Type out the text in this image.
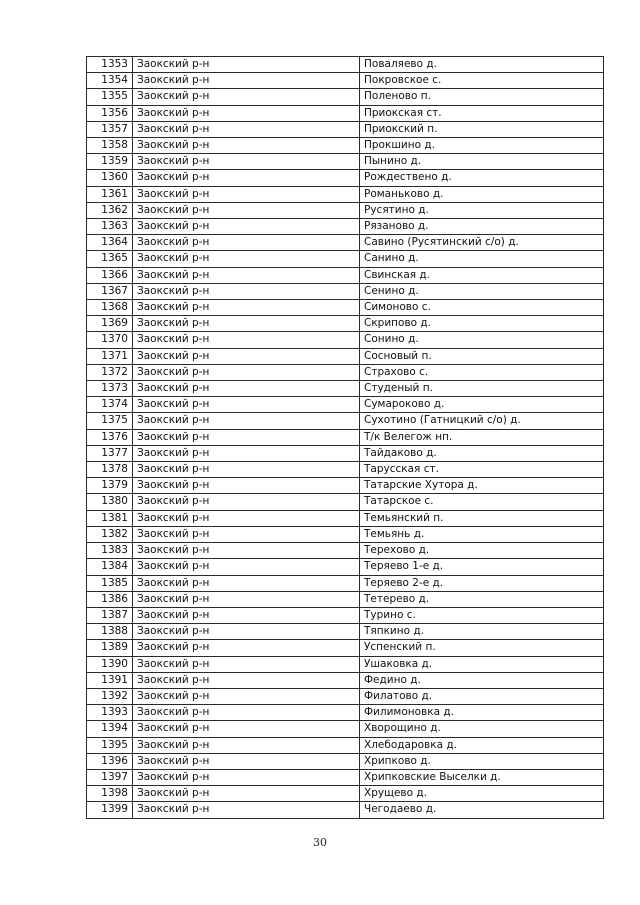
1353	Заокский р-н	Поваляево д.
1354	Заокский р-н	Покровское с.
1355	Заокский р-н	Поленово п.
1356	Заокский р-н	Приокская ст.
1357	Заокский р-н	Приокский п.
1358	Заокский р-н	Прокшино д.
1359	Заокский р-н	Пынино д.
1360	Заокский р-н	Рождествено д.
1361	Заокский р-н	Романьково д.
1362	Заокский р-н	Русятино д.
1363	Заокский р-н	Рязаново д.
1364	Заокский р-н	Савино (Русятинский с/о) д.
1365	Заокский р-н	Санино д.
1366	Заокский р-н	Свинская д.
1367	Заокский р-н	Сенино д.
1368	Заокский р-н	Симоново с.
1369	Заокский р-н	Скрипово д.
1370	Заокский р-н	Сонино д.
1371	Заокский р-н	Сосновый п.
1372	Заокский р-н	Страхово с.
1373	Заокский р-н	Студеный п.
1374	Заокский р-н	Сумароково д.
1375	Заокский р-н	Сухотино (Гатницкий с/о) д.
1376	Заокский р-н	Т/к Велегож нп.
1377	Заокский р-н	Тайдаково д.
1378	Заокский р-н	Тарусская ст.
1379	Заокский р-н	Татарские Хутора д.
1380	Заокский р-н	Татарское с.
1381	Заокский р-н	Темьянский п.
1382	Заокский р-н	Темьянь д.
1383	Заокский р-н	Терехово д.
1384	Заокский р-н	Теряево 1-е д.
1385	Заокский р-н	Теряево 2-е д.
1386	Заокский р-н	Тетерево д.
1387	Заокский р-н	Турино с.
1388	Заокский р-н	Тяпкино д.
1389	Заокский р-н	Успенский п.
1390	Заокский р-н	Ушаковка д.
1391	Заокский р-н	Федино д.
1392	Заокский р-н	Филатово д.
1393	Заокский р-н	Филимоновка д.
1394	Заокский р-н	Хворощино д.
1395	Заокский р-н	Хлебодаровка д.
1396	Заокский р-н	Хрипково д.
1397	Заокский р-н	Хрипковские Выселки д.
1398	Заокский р-н	Хрущево д.
1399	Заокский р-н	Чегодаево д.
30
